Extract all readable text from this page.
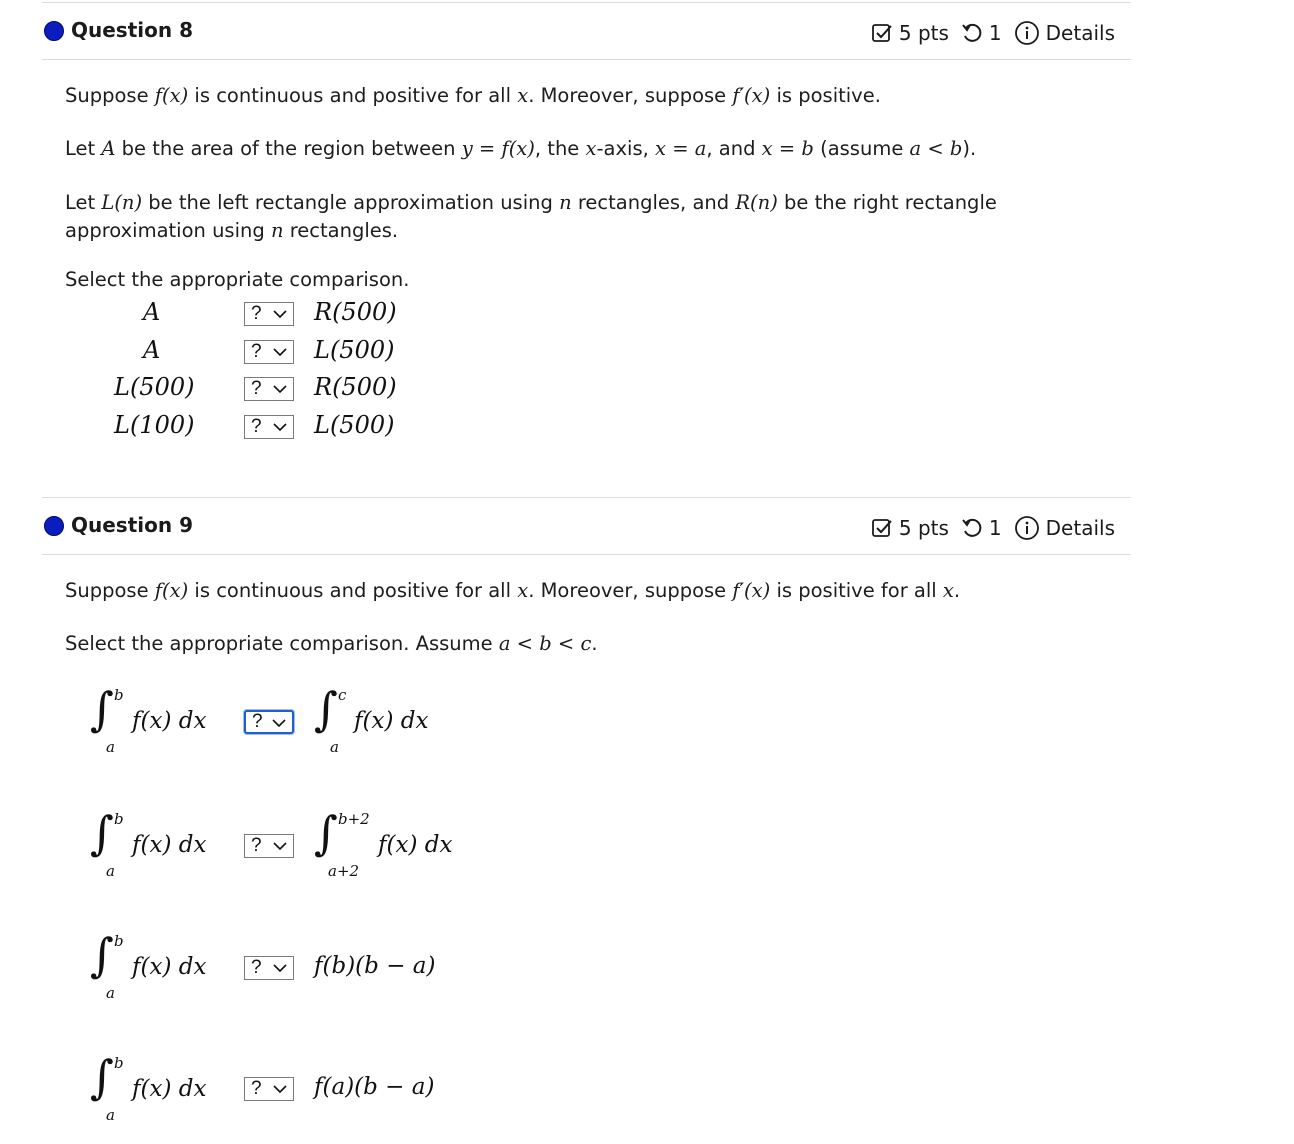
Question 8	5 pts 1 Details
Suppose f(x) is continuous and positive for all x. Moreover, suppose f′(x) is positive.
Let A be the area of the region between y = f(x), the x-axis, x = a, and x = b (assume a < b).
Let L(n) be the left rectangle approximation using n rectangles, and R(n) be the right rectangle
approximation using n rectangles.
Select the appropriate comparison.
A	? R(500)
A	? L(500)
L(500)	? R(500)
L(100)	? L(500)
Question 9	5 pts 1 Details
Suppose f(x) is continuous and positive for all x. Moreover, suppose f′(x) is positive for all x.
Select the appropriate comparison. Assume a < b < c.
∫ b
a
f(x) dx ? ∫ c
a
f(x) dx
∫ b
a
f(x) dx ? ∫ b+2
a+2
f(x) dx
∫ b
a
f(x) dx ? f(b)(b − a)
∫ b
a
f(x) dx ? f(a)(b − a)
